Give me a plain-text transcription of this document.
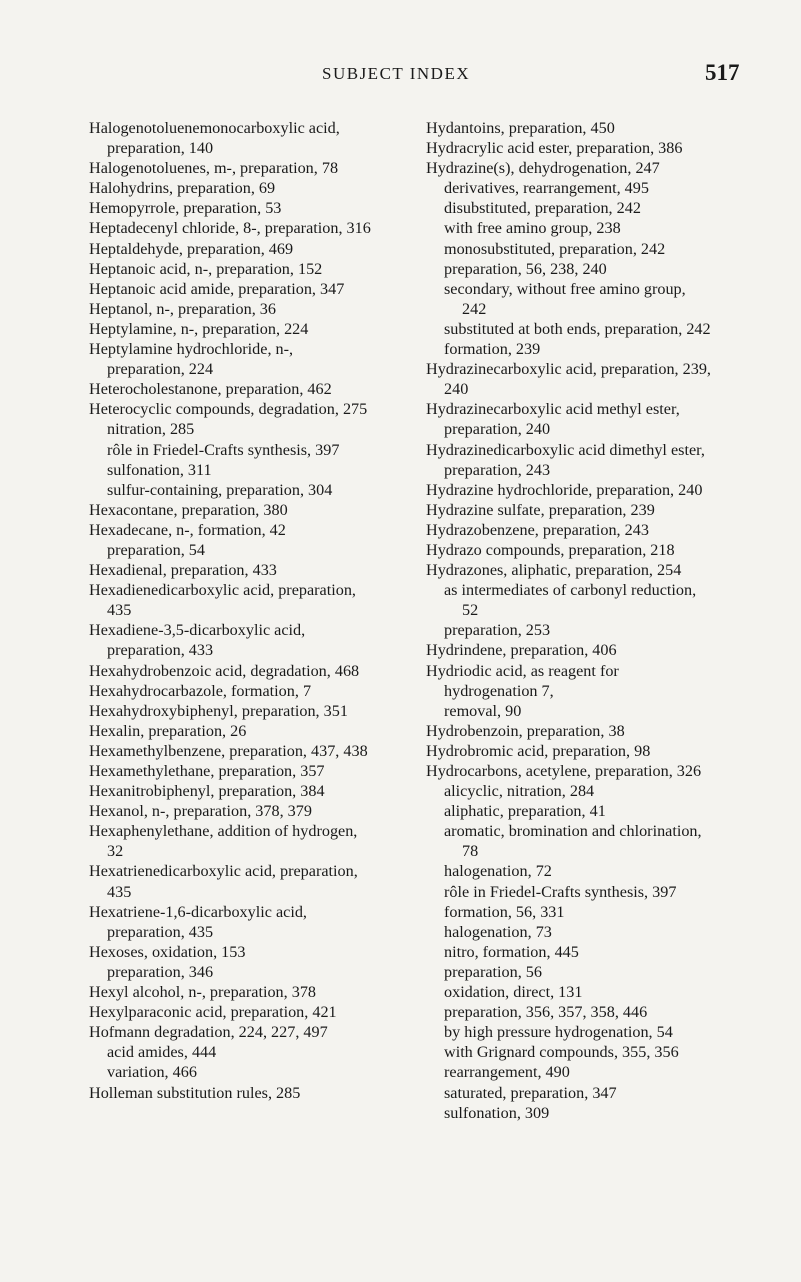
SUBJECT INDEX	517
Halogenotoluenemonocarboxylic acid, preparation, 140
Halogenotoluenes, m-, preparation, 78
Halohydrins, preparation, 69
Hemopyrrole, preparation, 53
Heptadecenyl chloride, 8-, preparation, 316
Heptaldehyde, preparation, 469
Heptanoic acid, n-, preparation, 152
Heptanoic acid amide, preparation, 347
Heptanol, n-, preparation, 36
Heptylamine, n-, preparation, 224
Heptylamine hydrochloride, n-, preparation, 224
Heterocholestanone, preparation, 462
Heterocyclic compounds, degradation, 275
nitration, 285
rôle in Friedel-Crafts synthesis, 397
sulfonation, 311
sulfur-containing, preparation, 304
Hexacontane, preparation, 380
Hexadecane, n-, formation, 42
preparation, 54
Hexadienal, preparation, 433
Hexadienedicarboxylic acid, preparation, 435
Hexadiene-3,5-dicarboxylic acid, preparation, 433
Hexahydrobenzoic acid, degradation, 468
Hexahydrocarbazole, formation, 7
Hexahydroxybiphenyl, preparation, 351
Hexalin, preparation, 26
Hexamethylbenzene, preparation, 437, 438
Hexamethylethane, preparation, 357
Hexanitrobiphenyl, preparation, 384
Hexanol, n-, preparation, 378, 379
Hexaphenylethane, addition of hydrogen, 32
Hexatrienedicarboxylic acid, preparation, 435
Hexatriene-1,6-dicarboxylic acid, preparation, 435
Hexoses, oxidation, 153
preparation, 346
Hexyl alcohol, n-, preparation, 378
Hexylparaconic acid, preparation, 421
Hofmann degradation, 224, 227, 497
acid amides, 444
variation, 466
Holleman substitution rules, 285
Hydantoins, preparation, 450
Hydracrylic acid ester, preparation, 386
Hydrazine(s), dehydrogenation, 247
derivatives, rearrangement, 495
disubstituted, preparation, 242
with free amino group, 238
monosubstituted, preparation, 242
preparation, 56, 238, 240
secondary, without free amino group, 242
substituted at both ends, preparation, 242
formation, 239
Hydrazinecarboxylic acid, preparation, 239, 240
Hydrazinecarboxylic acid methyl ester, preparation, 240
Hydrazinedicarboxylic acid dimethyl ester, preparation, 243
Hydrazine hydrochloride, preparation, 240
Hydrazine sulfate, preparation, 239
Hydrazobenzene, preparation, 243
Hydrazo compounds, preparation, 218
Hydrazones, aliphatic, preparation, 254
as intermediates of carbonyl reduction, 52
preparation, 253
Hydrindene, preparation, 406
Hydriodic acid, as reagent for hydrogenation 7,
removal, 90
Hydrobenzoin, preparation, 38
Hydrobromic acid, preparation, 98
Hydrocarbons, acetylene, preparation, 326
alicyclic, nitration, 284
aliphatic, preparation, 41
aromatic, bromination and chlorination, 78
halogenation, 72
rôle in Friedel-Crafts synthesis, 397
formation, 56, 331
halogenation, 73
nitro, formation, 445
preparation, 56
oxidation, direct, 131
preparation, 356, 357, 358, 446
by high pressure hydrogenation, 54
with Grignard compounds, 355, 356
rearrangement, 490
saturated, preparation, 347
sulfonation, 309
